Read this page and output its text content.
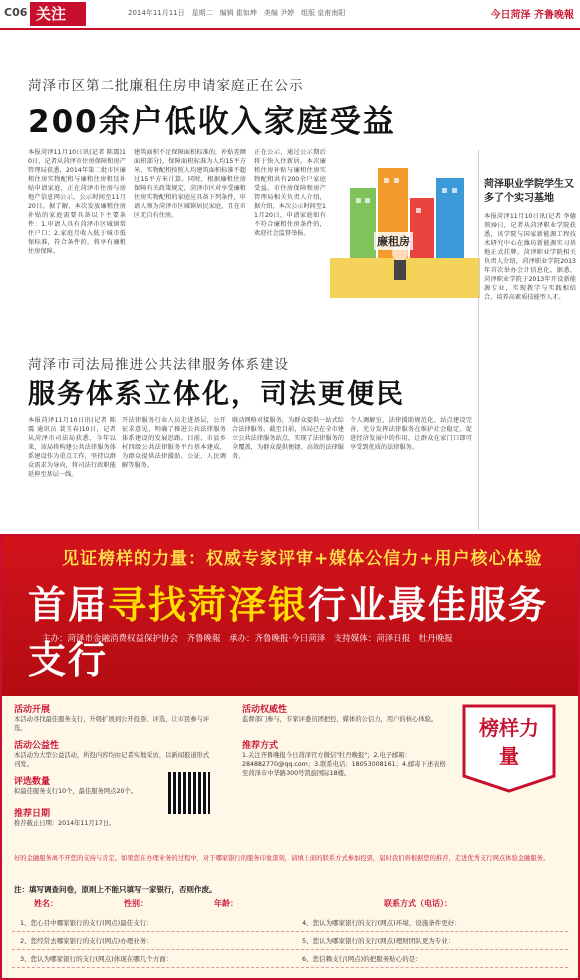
C06 关注	2014年11月11日　星期二　编辑 崔如坤　美编 尹婷　组版 皇甫南阳	今日菏泽 齐鲁晚報
菏泽市区第二批廉租住房申请家庭正在公示
200余户低收入家庭受益
本报菏泽11月10日讯(记者 陈震)10日，记者从菏泽市住房保障和房产管理局获悉，2014年第二批市区廉租住房实物配租与廉租住房租赁补贴申请家庭，正在菏泽市住房与房地产信息网公示，公示时间至11月20日。据了解，本次发放廉租住房补贴的家庭需要具备以下主要条件：1.申请人具有菏泽市区城镇常住户口；2.家庭月收入低于城市低保标准，符合条件的，将享有廉租住房保障。
建筑面积不足保障面积标准的，补贴差额面积部分)，保障面积标准为人均15平方米，实物配租按照人均建筑面积标准不超过15平方米计算。同时，根据廉租住房保障有关政策规定，菏泽市区对享受廉租住房实物配租的家庭应具备下列条件，申请人须为菏泽市区城镇居民家庭，且在市区无自有住房。
正在公示，通过公示期后将于快入住新居。本次廉租住房补贴与廉租住房实物配租共有200余户家庭受益。市住房保障和房产管理局相关负责人介绍，据介绍，本次公示时间至11月20日，申请家庭如有不符合廉租住房条件的，欢迎社会监督举报。
廉租房
菏泽职业学院学生又多了个实习基地
本报菏泽11月10日讯(记者 李德领)9日，记者从菏泽职业学院获悉，该学院与国家新能源工程技术研究中心在潍坊新能源实习基地正式挂牌。菏泽职业学院相关负责人介绍，菏泽职业学院2013年首次举办会计信息化，据悉，菏泽职业学院于2013年开设新能源专业，实现教学与实践相结合，培养高素质技能型人才。
菏泽市司法局推进公共法律服务体系建设
服务体系立体化，司法更便民
本报菏泽11月10日讯(记者 陈震 通讯员 裴玉春)10日，记者从菏泽市司法局获悉，今年以来，该局将构建公共法律服务体系建设作为重点工作，坚持以群众需求为导向，将司法行政职能延伸至基层一线。
开法律服务行业人员走进基层，公开征求意见，明确了推进公共法律服务体系建设的发展思路。目前，市县乡村四级公共法律服务平台基本建成，为群众提供法律援助、公证、人民调解等服务。
联动网格对接服务，为群众提供一站式综合法律服务。截至目前，该局已在全市建立公共法律服务站点，实现了法律服务的全覆盖，为群众提供便捷、高效的法律服务。
个人调解室，法律援助规范化、站点建设完善，充分发挥法律服务在维护社会稳定、促进经济发展中的作用，让群众在家门口即可享受到优质的法律服务。
见证榜样的力量：权威专家评审+媒体公信力+用户核心体验
首届寻找菏泽银行业最佳服务支行
主办：菏泽市金融消费权益保护协会　齐鲁晚報　承办：齐鲁晚报·今日菏泽　支持媒体：菏泽日报　牡丹晚报
活动开展
本活动寻找最佳服务支行，升级扩展到公开投票、评选，让市民参与评选。
活动公益性
本活动为大型公益活动，所投内容均由记者实地采访，以新闻报道形式刊发。
评选数量
拟最佳服务支行10个，最佳服务网点20个。
推荐日期
推荐截止日期：2014年11月17日。
活动权威性
监督部门参与，专家评委员团把控，媒体的公信力，用户的核心体验。
推荐方式
1.关注齐鲁晚报今日菏泽官方微信"牡丹晚报"；2.电子邮箱：284882770@qq.com；3.联系电话：18053008161；4.邮寄下述表格至菏泽市中华路300号凯旋国际18楼。
榜样力量
好的金融服务离不开您的支持与肯定。如果您在办理业务的过程中，对于哪家银行的服务印象深刻，请填上面的联系方式参加投票，届时我们将根据您的推荐，走进优秀支行网点体验金融服务。
注：填写调查问卷，原则上不能只填写一家银行，否则作废。
姓名：	性别：	年龄：	联系方式（电话）：
1、您心目中哪家银行的支行(网点)最佳支行：	4、您认为哪家银行的支行(网点)环境、设施条件更好：
2、您经常去哪家银行的支行(网点)办理业务：	5、您认为哪家银行的支行(网点)理财团队更为专业：
3、您认为哪家银行的支行(网点)体现在哪几个方面：	6、您信赖支行(网点)的把服务贴心的是：
